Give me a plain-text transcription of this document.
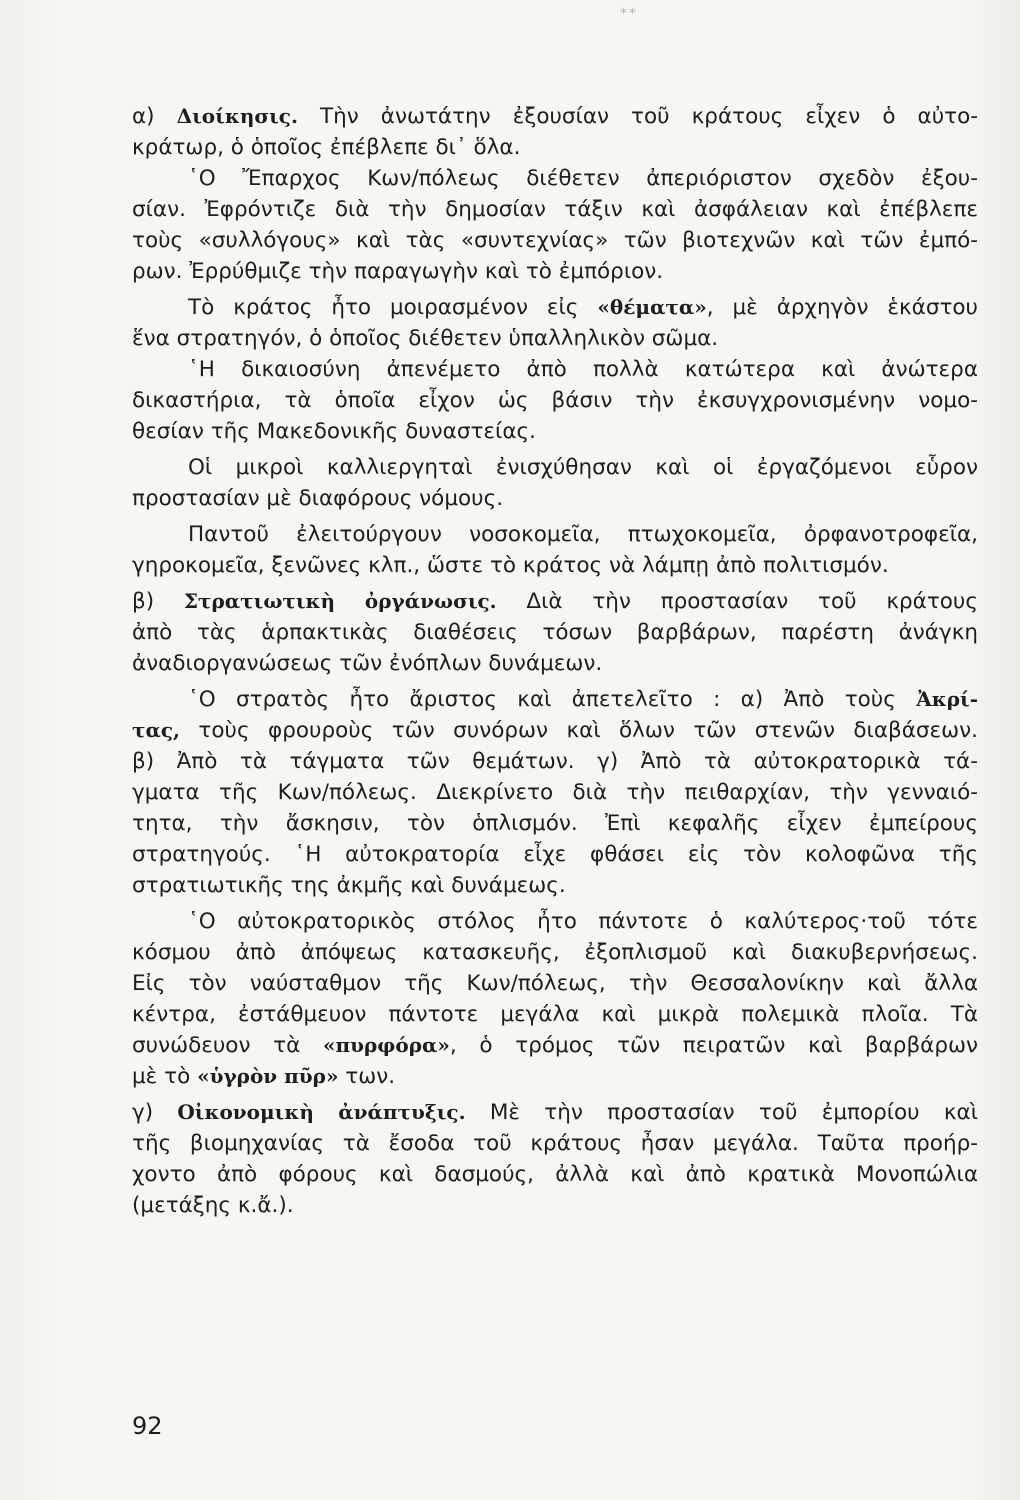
**
α) Διοίκησις. Τὴν ἀνωτάτην ἐξουσίαν τοῦ κράτους εἶχεν ὁ αὐτο-
κράτωρ, ὁ ὁποῖος ἐπέβλεπε δι᾿ ὅλα.
῾Ο Ἔπαρχος Κων/πόλεως διέθετεν ἀπεριόριστον σχεδὸν ἐξου-
σίαν. Ἐφρόντιζε διὰ τὴν δημοσίαν τάξιν καὶ ἀσφάλειαν καὶ ἐπέβλεπε
τοὺς «συλλόγους» καὶ τὰς «συντεχνίας» τῶν βιοτεχνῶν καὶ τῶν ἐμπό-
ρων. Ἐρρύθμιζε τὴν παραγωγὴν καὶ τὸ ἐμπόριον.
Τὸ κράτος ἦτο μοιρασμένον εἰς «θέματα», μὲ ἀρχηγὸν ἑκάστου
ἕνα στρατηγόν, ὁ ὁποῖος διέθετεν ὑπαλληλικὸν σῶμα.
῾Η δικαιοσύνη ἀπενέμετο ἀπὸ πολλὰ κατώτερα καὶ ἀνώτερα
δικαστήρια, τὰ ὁποῖα εἶχον ὡς βάσιν τὴν ἐκσυγχρονισμένην νομο-
θεσίαν τῆς Μακεδονικῆς δυναστείας.
Οἱ μικροὶ καλλιεργηταὶ ἐνισχύθησαν καὶ οἱ ἐργαζόμενοι εὗρον
προστασίαν μὲ διαφόρους νόμους.
Παντοῦ ἐλειτούργουν νοσοκομεῖα, πτωχοκομεῖα, ὀρφανοτροφεῖα,
γηροκομεῖα, ξενῶνες κλπ., ὥστε τὸ κράτος νὰ λάμπῃ ἀπὸ πολιτισμόν.
β) Στρατιωτικὴ ὀργάνωσις. Διὰ τὴν προστασίαν τοῦ κράτους
ἀπὸ τὰς ἁρπακτικὰς διαθέσεις τόσων βαρβάρων, παρέστη ἀνάγκη
ἀναδιοργανώσεως τῶν ἐνόπλων δυνάμεων.
῾Ο στρατὸς ἦτο ἄριστος καὶ ἀπετελεῖτο : α) Ἀπὸ τοὺς Ἀκρί-
τας, τοὺς φρουροὺς τῶν συνόρων καὶ ὅλων τῶν στενῶν διαβάσεων.
β) Ἀπὸ τὰ τάγματα τῶν θεμάτων. γ) Ἀπὸ τὰ αὐτοκρατορικὰ τά-
γματα τῆς Κων/πόλεως. Διεκρίνετο διὰ τὴν πειθαρχίαν, τὴν γενναιό-
τητα, τὴν ἄσκησιν, τὸν ὁπλισμόν. Ἐπὶ κεφαλῆς εἶχεν ἐμπείρους
στρατηγούς. ῾Η αὐτοκρατορία εἶχε φθάσει εἰς τὸν κολοφῶνα τῆς
στρατιωτικῆς της ἀκμῆς καὶ δυνάμεως.
῾Ο αὐτοκρατορικὸς στόλος ἦτο πάντοτε ὁ καλύτερος·τοῦ τότε
κόσμου ἀπὸ ἀπόψεως κατασκευῆς, ἐξοπλισμοῦ καὶ διακυβερνήσεως.
Εἰς τὸν ναύσταθμον τῆς Κων/πόλεως, τὴν Θεσσαλονίκην καὶ ἄλλα
κέντρα, ἐστάθμευον πάντοτε μεγάλα καὶ μικρὰ πολεμικὰ πλοῖα. Τὰ
συνώδευον τὰ «πυρφόρα», ὁ τρόμος τῶν πειρατῶν καὶ βαρβάρων
μὲ τὸ «ὑγρὸν πῦρ» των.
γ) Οἰκονομικὴ ἀνάπτυξις. Μὲ τὴν προστασίαν τοῦ ἐμπορίου καὶ
τῆς βιομηχανίας τὰ ἔσοδα τοῦ κράτους ἦσαν μεγάλα. Ταῦτα προήρ-
χοντο ἀπὸ φόρους καὶ δασμούς, ἀλλὰ καὶ ἀπὸ κρατικὰ Μονοπώλια
(μετάξης κ.ἄ.).
92
